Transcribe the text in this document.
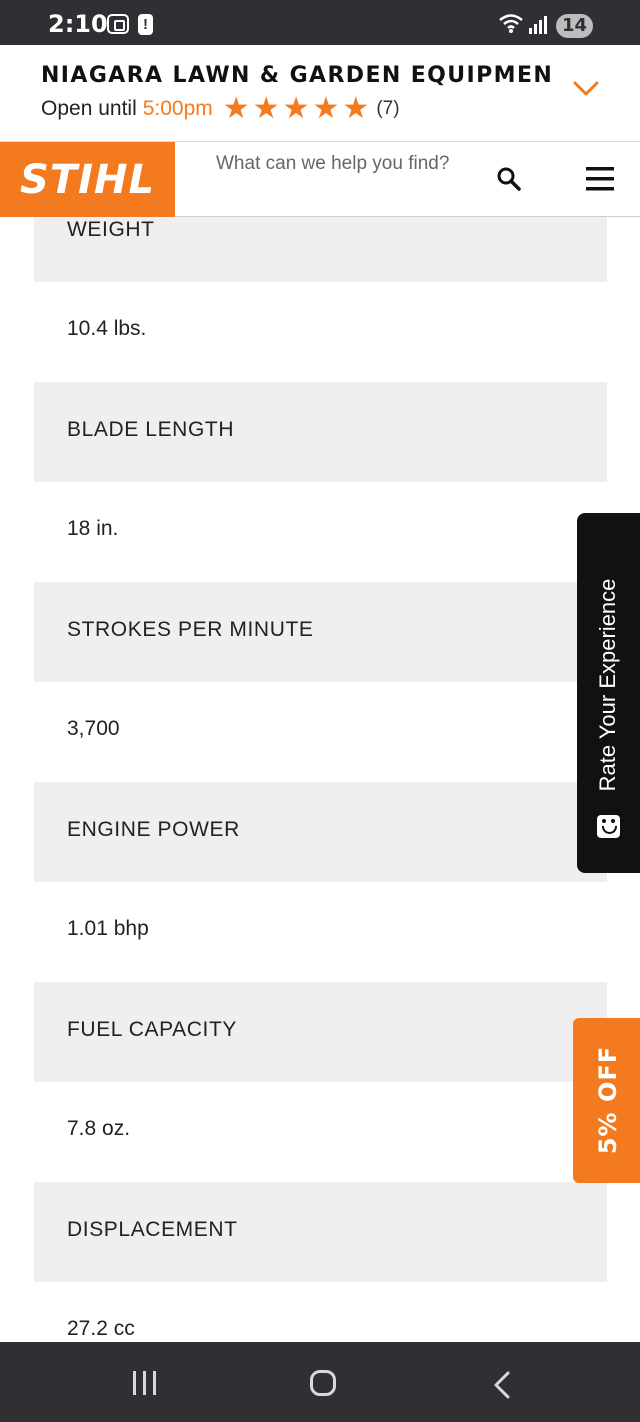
2:10	!	14
NIAGARA LAWN & GARDEN EQUIPMEN
Open until 5:00pm ★ ★ ★ ★ ★ (7)
STIHL	What can we help you find?
WEIGHT
10.4 lbs.
BLADE LENGTH
18 in.
STROKES PER MINUTE
3,700
ENGINE POWER
1.01 bhp
FUEL CAPACITY
7.8 oz.
DISPLACEMENT
27.2 cc
Rate Your Experience
5% OFF
